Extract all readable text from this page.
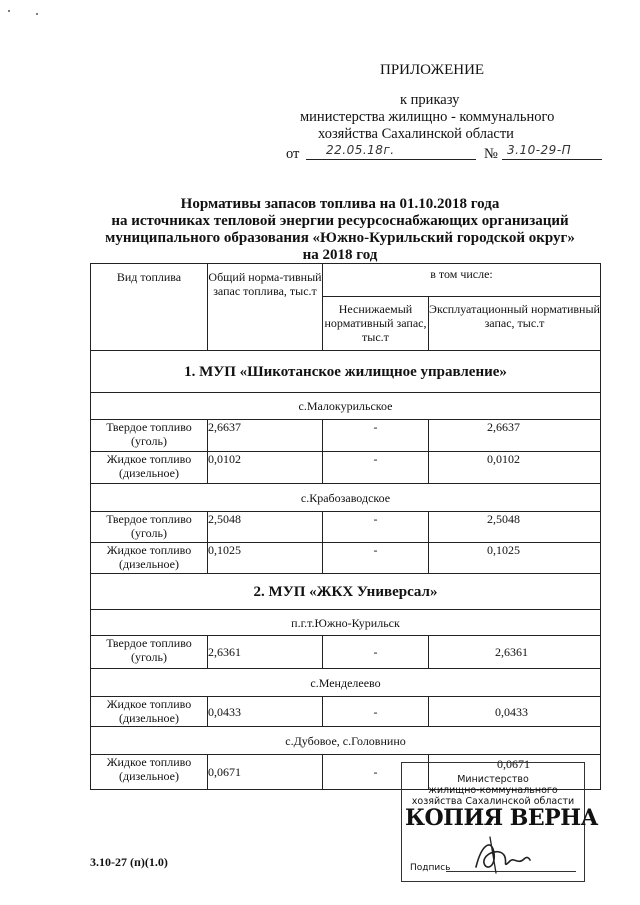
ПРИЛОЖЕНИЕ
к приказу
министерства жилищно - коммунального
хозяйства Сахалинской области
от 22.05.18г.	№ 3.10-29-П
Нормативы запасов топлива на 01.10.2018 года
на источниках тепловой энергии ресурсоснабжающих организаций
муниципального образования «Южно-Курильский городской округ»
на 2018 год
Вид топлива	Общий норма-тивный запас топлива, тыс.т	в том числе:	
		Неснижаемый нормативный запас, тыс.т	Эксплуатационный нормативный запас, тыс.т
1. МУП «Шикотанское жилищное управление»			
с.Малокурильское			
Твердое топливо (уголь)	2,6637	-	2,6637
Жидкое топливо (дизельное)	0,0102	-	0,0102
с.Крабозаводское			
Твердое топливо (уголь)	2,5048	-	2,5048
Жидкое топливо (дизельное)	0,1025	-	0,1025
2. МУП «ЖКХ Универсал»			
п.г.т.Южно-Курильск			
Твердое топливо (уголь)	2,6361	-	2,6361
с.Менделеево			
Жидкое топливо (дизельное)	0,0433	-	0,0433
с.Дубовое, с.Головнино			
Жидкое топливо (дизельное)	0,0671	-	0,0671
3.10-27 (п)(1.0)
Министерство
жилищно-коммунального
хозяйства Сахалинской области
КОПИЯ ВЕРНА
Подпись
